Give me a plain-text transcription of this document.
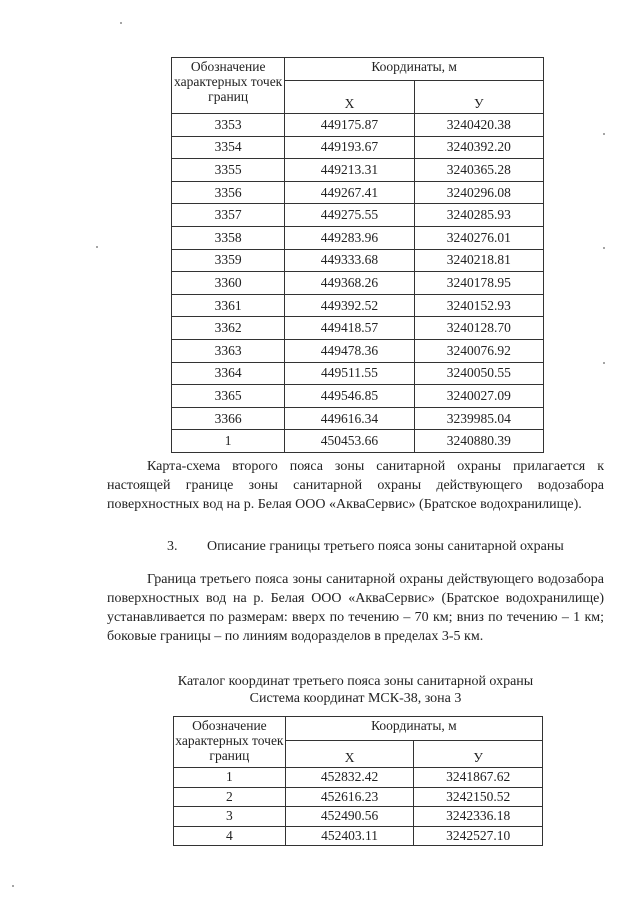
Обозначение характерных точек границ	Координаты, м	
	X	У
3353	449175.87	3240420.38
3354	449193.67	3240392.20
3355	449213.31	3240365.28
3356	449267.41	3240296.08
3357	449275.55	3240285.93
3358	449283.96	3240276.01
3359	449333.68	3240218.81
3360	449368.26	3240178.95
3361	449392.52	3240152.93
3362	449418.57	3240128.70
3363	449478.36	3240076.92
3364	449511.55	3240050.55
3365	449546.85	3240027.09
3366	449616.34	3239985.04
1	450453.66	3240880.39

Карта-схема второго пояса зоны санитарной охраны прилагается к настоящей границе зоны санитарной охраны действующего водозабора поверхностных вод на р. Белая ООО «АкваСервис» (Братское водохранилище).

3. Описание границы третьего пояса зоны санитарной охраны

Граница третьего пояса зоны санитарной охраны действующего водозабора поверхностных вод на р. Белая ООО «АкваСервис» (Братское водохранилище) устанавливается по размерам: вверх по течению – 70 км; вниз по течению – 1 км; боковые границы – по линиям водоразделов в пределах 3-5 км.

Каталог координат третьего пояса зоны санитарной охраны
Система координат МСК-38, зона 3
Обозначение характерных точек границ	Координаты, м	
	X	У
1	452832.42	3241867.62
2	452616.23	3242150.52
3	452490.56	3242336.18
4	452403.11	3242527.10
